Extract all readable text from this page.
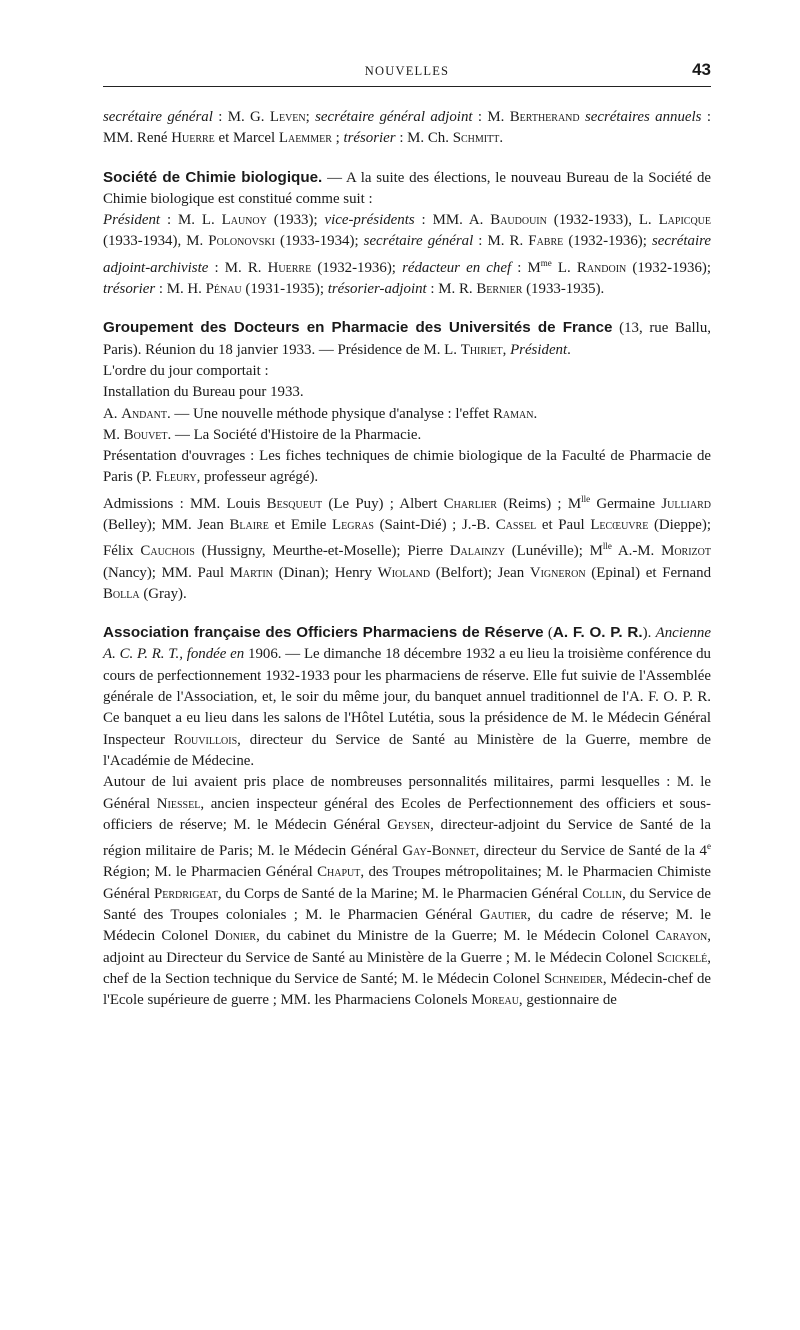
NOUVELLES	43

secrétaire général : M. G. Leven; secrétaire général adjoint : M. Bertherand secrétaires annuels : MM. René Huerre et Marcel Laemmer ; trésorier : M. Ch. Schmitt.

Société de Chimie biologique. — A la suite des élections, le nouveau Bureau de la Société de Chimie biologique est constitué comme suit :

Président : M. L. Launoy (1933); vice-présidents : MM. A. Baudouin (1932-1933), L. Lapicque (1933-1934), M. Polonovski (1933-1934); secrétaire général : M. R. Fabre (1932-1936); secrétaire adjoint-archiviste : M. R. Huerre (1932-1936); rédacteur en chef : $M^{me}$ L. Randoin (1932-1936); trésorier : M. H. Pénau (1931-1935); trésorier-adjoint : M. R. Bernier (1933-1935).

Groupement des Docteurs en Pharmacie des Universités de France (13, rue Ballu, Paris). Réunion du 18 janvier 1933. — Présidence de M. L. Thiriet, Président.

L'ordre du jour comportait :

Installation du Bureau pour 1933.

A. Andant. — Une nouvelle méthode physique d'analyse : l'effet Raman.

M. Bouvet. — La Société d'Histoire de la Pharmacie.

Présentation d'ouvrages : Les fiches techniques de chimie biologique de la Faculté de Pharmacie de Paris (P. Fleury, professeur agrégé).

Admissions : MM. Louis Besqueut (Le Puy) ; Albert Charlier (Reims) ; $M^{lle}$ Germaine Julliard (Belley); MM. Jean Blaire et Emile Legras (Saint-Dié) ; J.-B. Cassel et Paul Lecœuvre (Dieppe); Félix Cauchois (Hussigny, Meurthe-et-Moselle); Pierre Dalainzy (Lunéville); $M^{lle}$ A.-M. Morizot (Nancy); MM. Paul Martin (Dinan); Henry Wioland (Belfort); Jean Vigneron (Epinal) et Fernand Bolla (Gray).

Association française des Officiers Pharmaciens de Réserve (A. F. O. P. R.). Ancienne A. C. P. R. T., fondée en 1906. — Le dimanche 18 décembre 1932 a eu lieu la troisième conférence du cours de perfectionnement 1932-1933 pour les pharmaciens de réserve. Elle fut suivie de l'Assemblée générale de l'Association, et, le soir du même jour, du banquet annuel traditionnel de l'A. F. O. P. R. Ce banquet a eu lieu dans les salons de l'Hôtel Lutétia, sous la présidence de M. le Médecin Général Inspecteur Rouvillois, directeur du Service de Santé au Ministère de la Guerre, membre de l'Académie de Médecine.

Autour de lui avaient pris place de nombreuses personnalités militaires, parmi lesquelles : M. le Général Niessel, ancien inspecteur général des Ecoles de Perfectionnement des officiers et sous-officiers de réserve; M. le Médecin Général Geysen, directeur-adjoint du Service de Santé de la région militaire de Paris; M. le Médecin Général Gay-Bonnet, directeur du Service de Santé de la 4e Région; M. le Pharmacien Général Chaput, des Troupes métropolitaines; M. le Pharmacien Chimiste Général Perdrigeat, du Corps de Santé de la Marine; M. le Pharmacien Général Collin, du Service de Santé des Troupes coloniales ; M. le Pharmacien Général Gautier, du cadre de réserve; M. le Médecin Colonel Donier, du cabinet du Ministre de la Guerre; M. le Médecin Colonel Carayon, adjoint au Directeur du Service de Santé au Ministère de la Guerre ; M. le Médecin Colonel Scickelé, chef de la Section technique du Service de Santé; M. le Médecin Colonel Schneider, Médecin-chef de l'Ecole supérieure de guerre ; MM. les Pharmaciens Colonels Moreau, gestionnaire de
